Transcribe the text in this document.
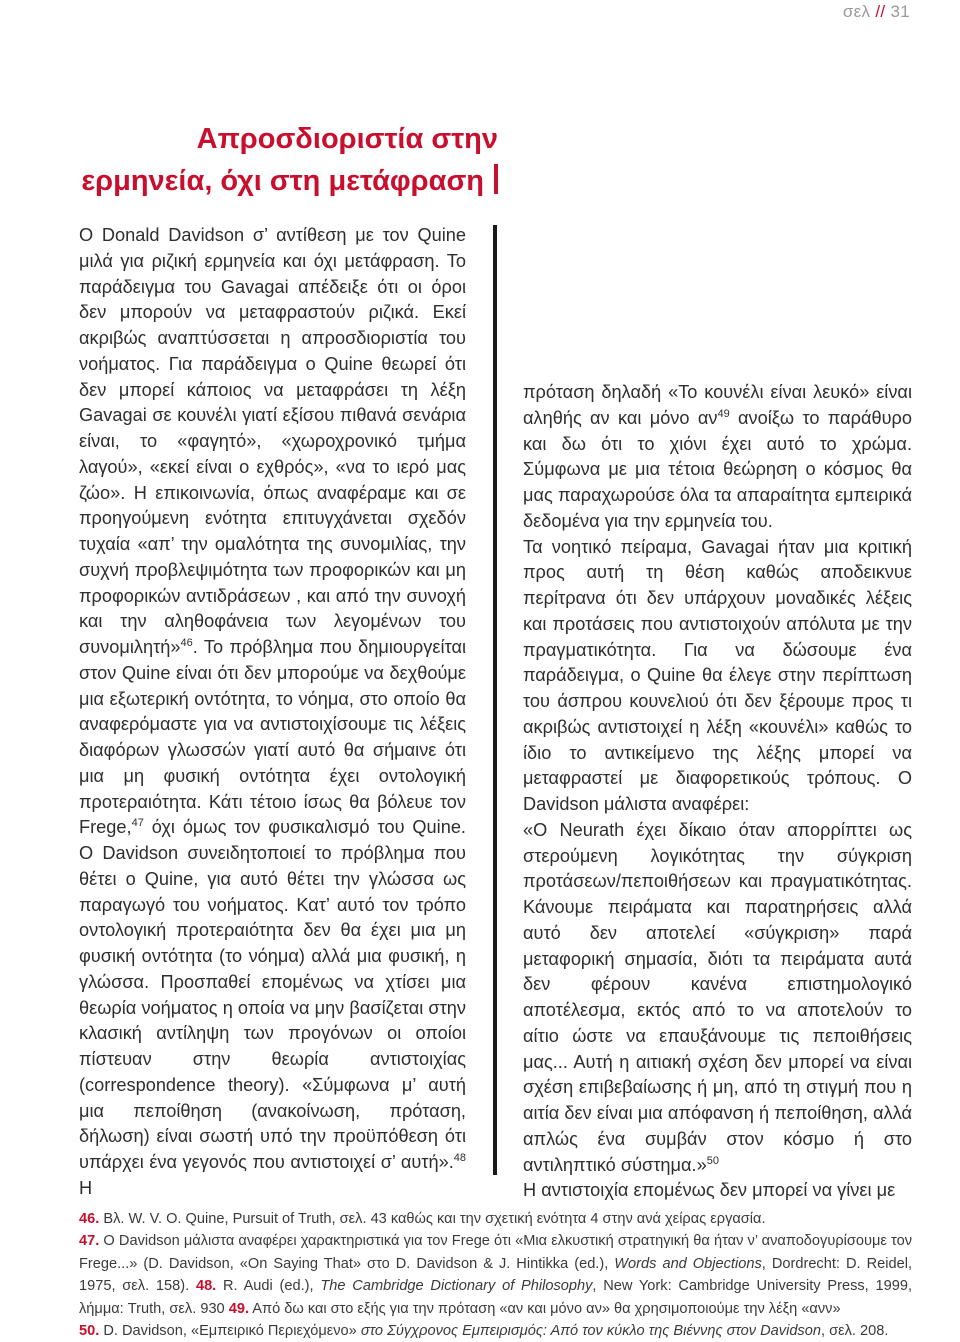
σελ // 31
Απροσδιοριστία στην
ερμηνεία, όχι στη μετάφραση

Ο Donald Davidson σ’ αντίθεση με τον Quine μιλά για ριζική ερμηνεία και όχι μετάφραση. Το παράδειγμα του Gavagai απέδειξε ότι οι όροι δεν μπορούν να μεταφραστούν ριζικά. Εκεί ακριβώς αναπτύσσεται η απροσδιοριστία του νοήματος. Για παράδειγμα ο Quine θεωρεί ότι δεν μπορεί κάποιος να μεταφράσει τη λέξη Gavagai σε κουνέλι γιατί εξίσου πιθανά σενάρια είναι, το «φαγητό», «χωροχρονικό τμήμα λαγού», «εκεί είναι ο εχθρός», «να το ιερό μας ζώο». Η επικοινωνία, όπως αναφέραμε και σε προηγούμενη ενότητα επιτυγχάνεται σχεδόν τυχαία «απ’ την ομαλότητα της συνομιλίας, την συχνή προβλεψιμότητα των προφορικών και μη προφορικών αντιδράσεων , και από την συνοχή και την αληθοφάνεια των λεγομένων του συνομιλητή»$^{46}$. Το πρόβλημα που δημιουργείται στον Quine είναι ότι δεν μπορούμε να δεχθούμε μια εξωτερική οντότητα, το νόημα, στο οποίο θα αναφερόμαστε για να αντιστοιχίσουμε τις λέξεις διαφόρων γλωσσών γιατί αυτό θα σήμαινε ότι μια μη φυσική οντότητα έχει οντολογική προτεραιότητα. Κάτι τέτοιο ίσως θα βόλευε τον Frege,$^{47}$ όχι όμως τον φυσικαλισμό του Quine. Ο Davidson συνειδητοποιεί το πρόβλημα που θέτει ο Quine, για αυτό θέτει την γλώσσα ως παραγωγό του νοήματος. Κατ’ αυτό τον τρόπο οντολογική προτεραιότητα δεν θα έχει μια μη φυσική οντότητα (το νόημα) αλλά μια φυσική, η γλώσσα. Προσπαθεί επομένως να χτίσει μια θεωρία νοήματος η οποία να μην βασίζεται στην κλασική αντίληψη των προγόνων οι οποίοι πίστευαν στην θεωρία αντιστοιχίας (correspondence theory). «Σύμφωνα μ’ αυτή μια πεποίθηση (ανακοίνωση, πρόταση, δήλωση) είναι σωστή υπό την προϋπόθεση ότι υπάρχει ένα γεγονός που αντιστοιχεί σ’ αυτή».$^{48}$ Η

πρόταση δηλαδή «Το κουνέλι είναι λευκό» είναι αληθής αν και μόνο $\alpha\nu^{49}$ ανοίξω το παράθυρο και δω ότι το χιόνι έχει αυτό το χρώμα. Σύμφωνα με μια τέτοια θεώρηση ο κόσμος θα μας παραχωρούσε όλα τα απαραίτητα εμπειρικά δεδομένα για την ερμηνεία του.

Τα νοητικό πείραμα, Gavagai ήταν μια κριτική προς αυτή τη θέση καθώς αποδεικνυε περίτρανα ότι δεν υπάρχουν μοναδικές λέξεις και προτάσεις που αντιστοιχούν απόλυτα με την πραγματικότητα. Για να δώσουμε ένα παράδειγμα, ο Quine θα έλεγε στην περίπτωση του άσπρου κουνελιού ότι δεν ξέρουμε προς τι ακριβώς αντιστοιχεί η λέξη «κουνέλι» καθώς το ίδιο το αντικείμενο της λέξης μπορεί να μεταφραστεί με διαφορετικούς τρόπους. Ο Davidson μάλιστα αναφέρει:

«Ο Neurath έχει δίκαιο όταν απορρίπτει ως στερούμενη λογικότητας την σύγκριση προτάσεων/πεποιθήσεων και πραγματικότητας. Κάνουμε πειράματα και παρατηρήσεις αλλά αυτό δεν αποτελεί «σύγκριση» παρά μεταφορική σημασία, διότι τα πειράματα αυτά δεν φέρουν κανένα επιστημολογικό αποτέλεσμα, εκτός από το να αποτελούν το αίτιο ώστε να επαυξάνουμε τις πεποιθήσεις μας... Αυτή η αιτιακή σχέση δεν μπορεί να είναι σχέση επιβεβαίωσης ή μη, από τη στιγμή που η αιτία δεν είναι μια απόφανση ή πεποίθηση, αλλά απλώς ένα συμβάν στον κόσμο ή στο αντιληπτικό σύστημα.»$^{50}$

Η αντιστοιχία επομένως δεν μπορεί να γίνει με

46. Βλ. W. V. O. Quine, Pursuit of Truth, σελ. 43 καθώς και την σχετική ενότητα 4 στην ανά χείρας εργασία.

47. Ο Davidson μάλιστα αναφέρει χαρακτηριστικά για τον Frege ότι «Μια ελκυστική στρατηγική θα ήταν ν’ αναποδογυρίσουμε τον Frege...» (D. Davidson, «On Saying That» στο D. Davidson & J. Hintikka (ed.), Words and Objections, Dordrecht: D. Reidel, 1975, σελ. 158). 48. R. Audi (ed.), The Cambridge Dictionary of Philosophy, New York: Cambridge University Press, 1999, λήμμα: Truth, σελ. 930 49. Από δω και στο εξής για την πρόταση «αν και μόνο αν» θα χρησιμοποιούμε την λέξη «ανν»

50. D. Davidson, «Εμπειρικό Περιεχόμενο» στο Σύγχρονος Εμπειρισμός: Από τον κύκλο της Βιέννης στον Davidson, σελ. 208.
